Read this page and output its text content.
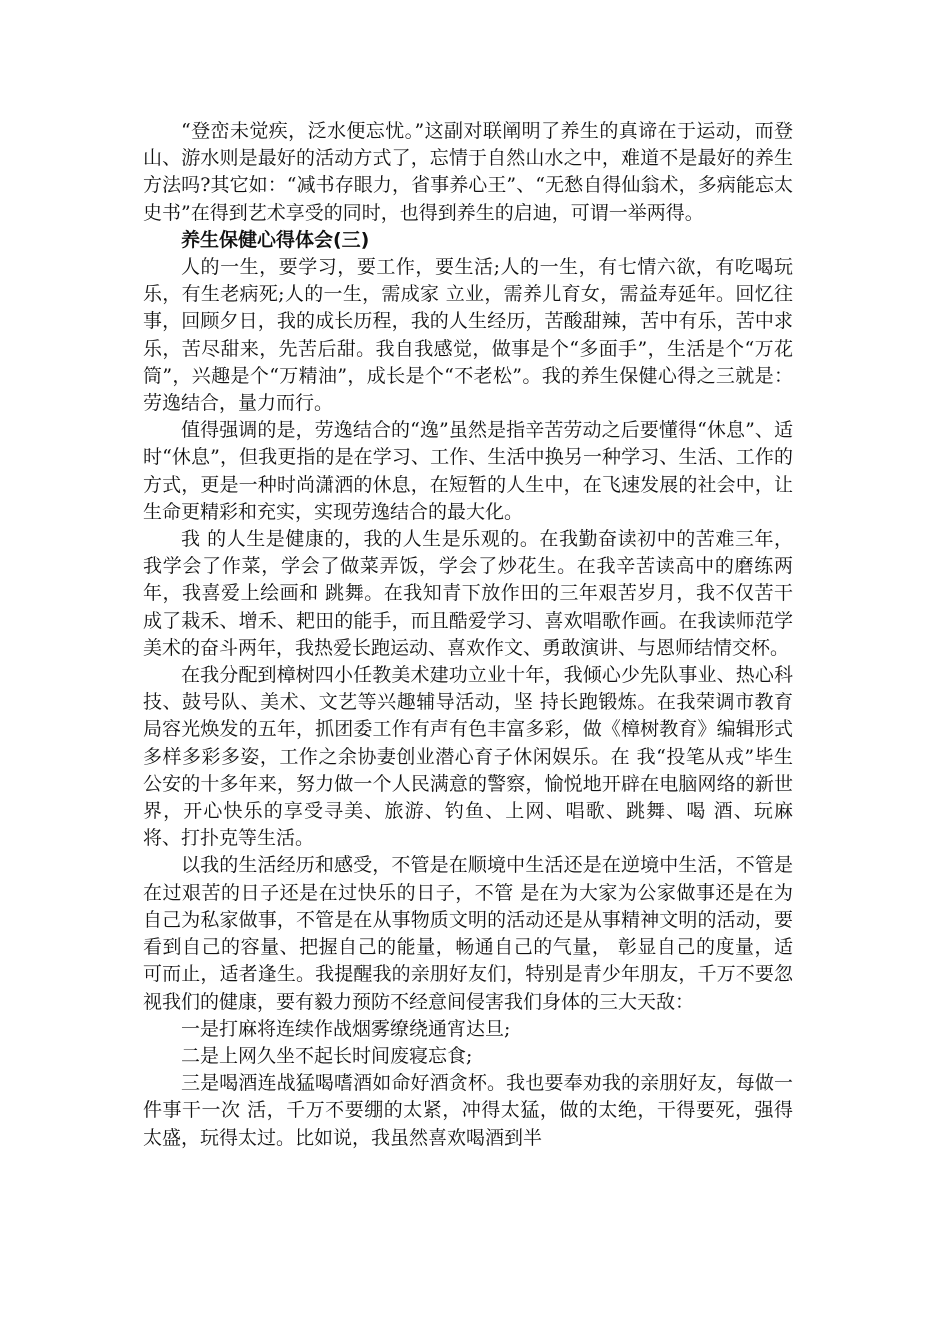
“登峦未觉疾，泛水便忘忧。”这副对联阐明了养生的真谛在于运动，而登山、游水则是最好的活动方式了，忘情于自然山水之中，难道不是最好的养生方法吗?其它如：“减书存眼力，省事养心王”、“无愁自得仙翁术，多病能忘太史书”在得到艺术享受的同时，也得到养生的启迪，可谓一举两得。

养生保健心得体会(三)

人的一生，要学习，要工作，要生活;人的一生，有七情六欲，有吃喝玩乐，有生老病死;人的一生，需成家 立业，需养儿育女，需益寿延年。回忆往事，回顾夕日，我的成长历程，我的人生经历，苦酸甜辣，苦中有乐，苦中求乐，苦尽甜来，先苦后甜。我自我感觉，做事是个“多面手”，生活是个“万花筒”，兴趣是个“万精油”，成长是个“不老松”。我的养生保健心得之三就是：劳逸结合，量力而行。

值得强调的是，劳逸结合的“逸”虽然是指辛苦劳动之后要懂得“休息”、适时“休息”，但我更指的是在学习、工作、生活中换另一种学习、生活、工作的方式，更是一种时尚潇洒的休息，在短暂的人生中，在飞速发展的社会中，让生命更精彩和充实，实现劳逸结合的最大化。

我 的人生是健康的，我的人生是乐观的。在我勤奋读初中的苦难三年，我学会了作菜，学会了做菜弄饭，学会了炒花生。在我辛苦读高中的磨练两年，我喜爱上绘画和 跳舞。在我知青下放作田的三年艰苦岁月，我不仅苦干成了栽禾、增禾、耙田的能手，而且酷爱学习、喜欢唱歌作画。在我读师范学美术的奋斗两年，我热爱长跑运动、喜欢作文、勇敢演讲、与恩师结情交杯。

在我分配到樟树四小任教美术建功立业十年，我倾心少先队事业、热心科技、鼓号队、美术、文艺等兴趣辅导活动，坚 持长跑锻炼。在我荣调市教育局容光焕发的五年，抓团委工作有声有色丰富多彩，做《樟树教育》编辑形式多样多彩多姿，工作之余协妻创业潜心育子休闲娱乐。在 我“投笔从戎”毕生公安的十多年来，努力做一个人民满意的警察，愉悦地开辟在电脑网络的新世界，开心快乐的享受寻美、旅游、钓鱼、上网、唱歌、跳舞、喝 酒、玩麻将、打扑克等生活。

以我的生活经历和感受，不管是在顺境中生活还是在逆境中生活，不管是在过艰苦的日子还是在过快乐的日子，不管 是在为大家为公家做事还是在为自己为私家做事，不管是在从事物质文明的活动还是从事精神文明的活动，要看到自己的容量、把握自己的能量，畅通自己的气量， 彰显自己的度量，适可而止，适者逢生。我提醒我的亲朋好友们，特别是青少年朋友，千万不要忽视我们的健康，要有毅力预防不经意间侵害我们身体的三大天敌：

一是打麻将连续作战烟雾缭绕通宵达旦;

二是上网久坐不起长时间废寝忘食;

三是喝酒连战猛喝嗜酒如命好酒贪杯。我也要奉劝我的亲朋好友，每做一件事干一次 活，千万不要绷的太紧，冲得太猛，做的太绝，干得要死，强得太盛，玩得太过。比如说，我虽然喜欢喝酒到半
